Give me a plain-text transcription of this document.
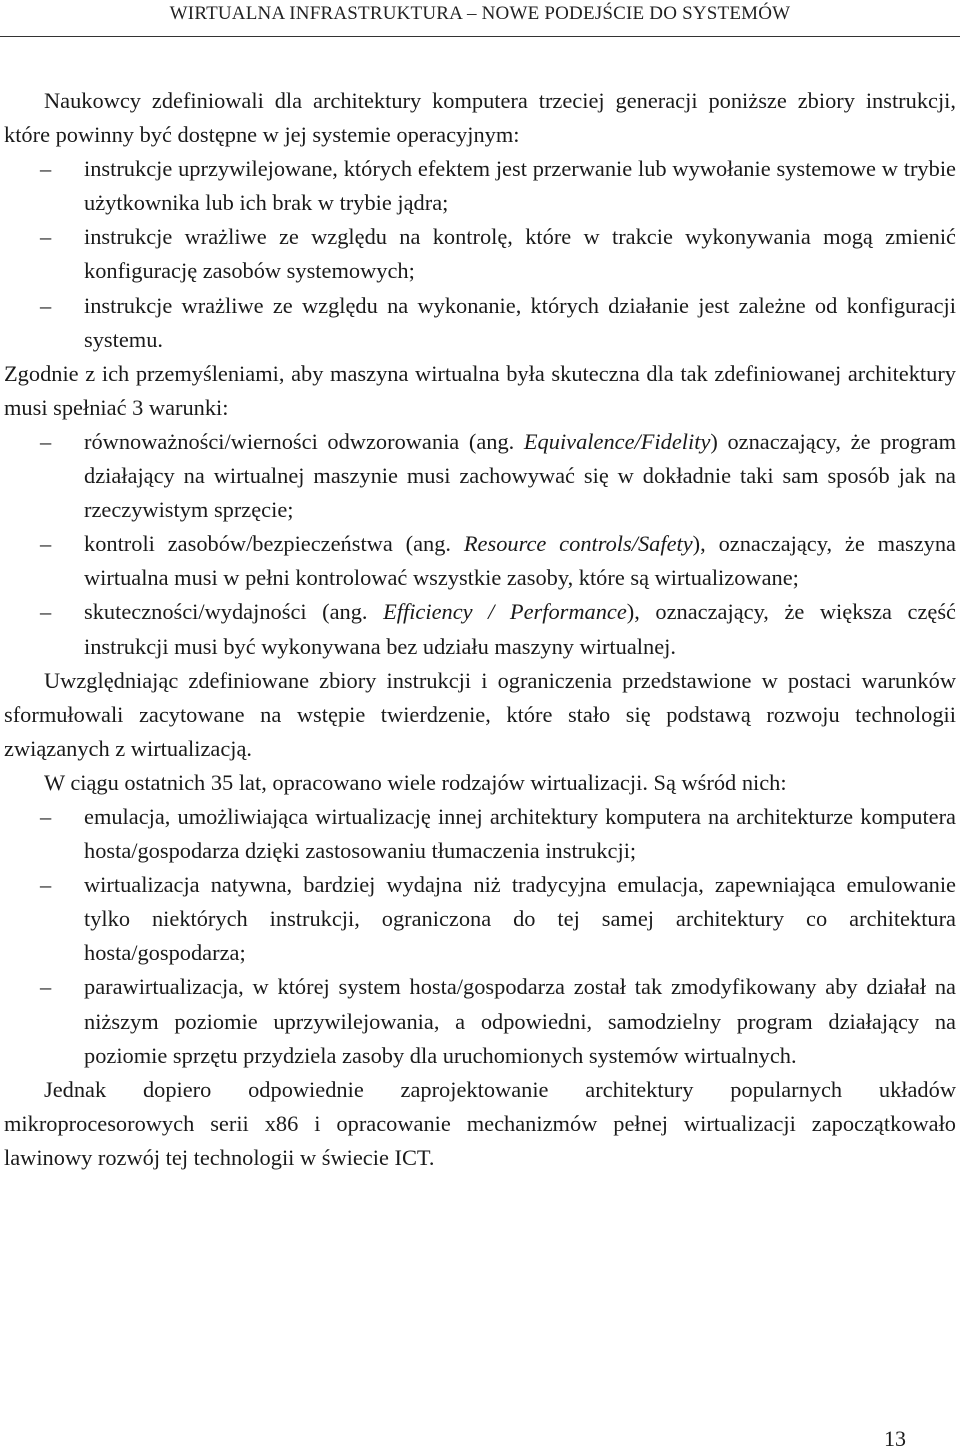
WIRTUALNA INFRASTRUKTURA – NOWE PODEJŚCIE DO SYSTEMÓW

Naukowcy zdefiniowali dla architektury komputera trzeciej generacji poniższe zbiory instrukcji, które powinny być dostępne w jej systemie operacyjnym:

– instrukcje uprzywilejowane, których efektem jest przerwanie lub wywołanie systemowe w trybie użytkownika lub ich brak w trybie jądra;
– instrukcje wrażliwe ze względu na kontrolę, które w trakcie wykonywania mogą zmienić konfigurację zasobów systemowych;
– instrukcje wrażliwe ze względu na wykonanie, których działanie jest zależne od konfiguracji systemu.

Zgodnie z ich przemyśleniami, aby maszyna wirtualna była skuteczna dla tak zdefiniowanej architektury musi spełniać 3 warunki:

– równoważności/wierności odwzorowania (ang. Equivalence/Fidelity) oznaczający, że program działający na wirtualnej maszynie musi zachowywać się w dokładnie taki sam sposób jak na rzeczywistym sprzęcie;
– kontroli zasobów/bezpieczeństwa (ang. Resource controls/Safety), oznaczający, że maszyna wirtualna musi w pełni kontrolować wszystkie zasoby, które są wirtualizowane;
– skuteczności/wydajności (ang. Efficiency / Performance), oznaczający, że większa część instrukcji musi być wykonywana bez udziału maszyny wirtualnej.

Uwzględniając zdefiniowane zbiory instrukcji i ograniczenia przedstawione w postaci warunków sformułowali zacytowane na wstępie twierdzenie, które stało się podstawą rozwoju technologii związanych z wirtualizacją.

W ciągu ostatnich 35 lat, opracowano wiele rodzajów wirtualizacji. Są wśród nich:

– emulacja, umożliwiająca wirtualizację innej architektury komputera na architekturze komputera hosta/gospodarza dzięki zastosowaniu tłumaczenia instrukcji;
– wirtualizacja natywna, bardziej wydajna niż tradycyjna emulacja, zapewniająca emulowanie tylko niektórych instrukcji, ograniczona do tej samej architektury co architektura hosta/gospodarza;
– parawirtualizacja, w której system hosta/gospodarza został tak zmodyfikowany aby działał na niższym poziomie uprzywilejowania, a odpowiedni, samodzielny program działający na poziomie sprzętu przydziela zasoby dla uruchomionych systemów wirtualnych.

Jednak dopiero odpowiednie zaprojektowanie architektury popularnych układów mikroprocesorowych serii x86 i opracowanie mechanizmów pełnej wirtualizacji zapoczątkowało lawinowy rozwój tej technologii w świecie ICT.

13
